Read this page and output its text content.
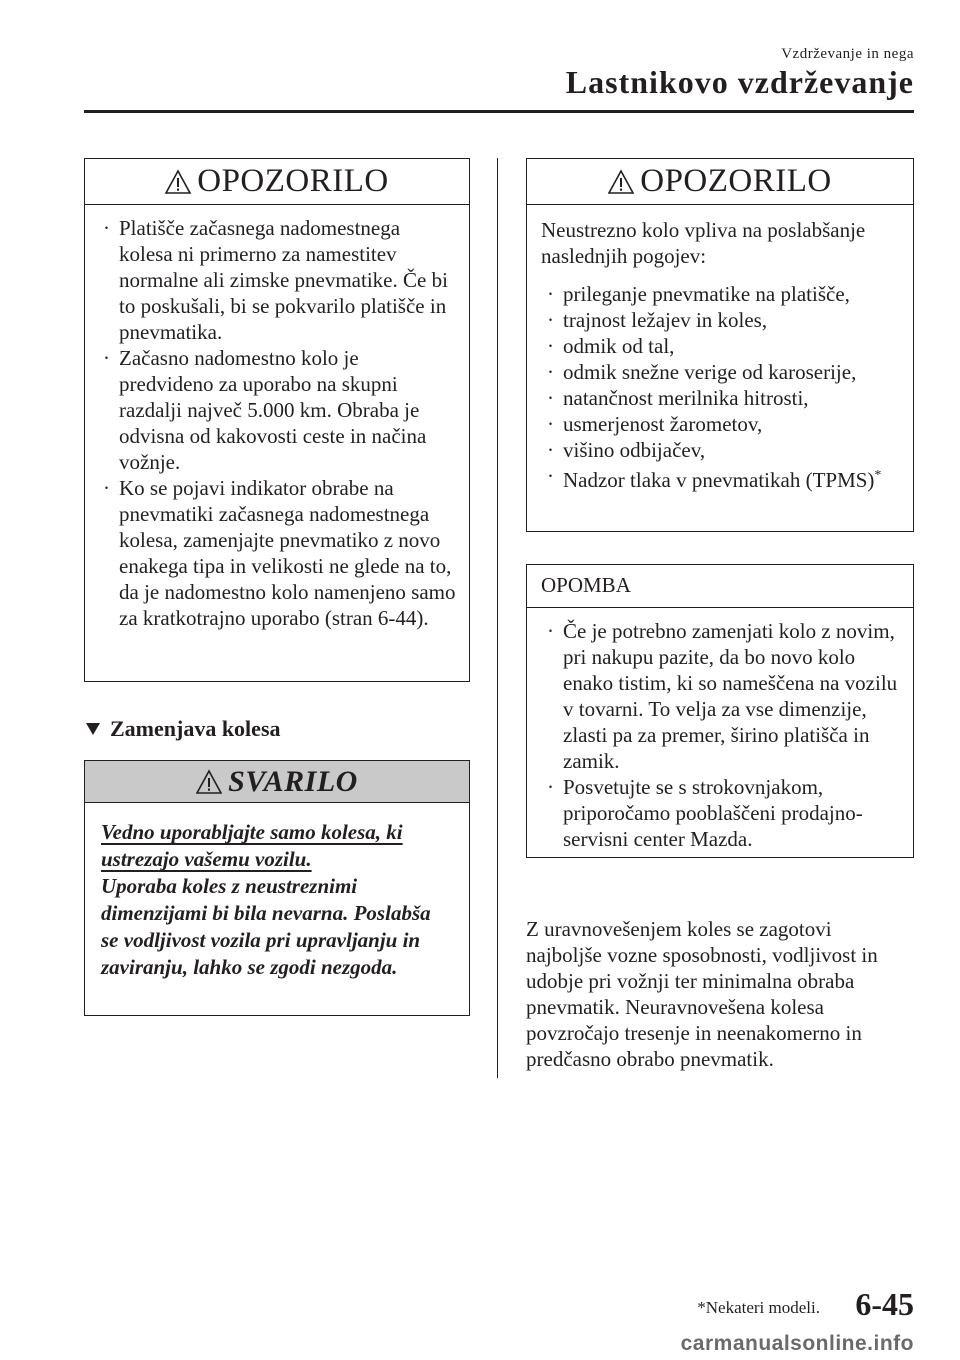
Vzdrževanje in nega
Lastnikovo vzdrževanje
OPOZORILO
· Platišče začasnega nadomestnega kolesa ni primerno za namestitev normalne ali zimske pnevmatike. Če bi to poskušali, bi se pokvarilo platišče in pnevmatika.
· Začasno nadomestno kolo je predvideno za uporabo na skupni razdalji največ 5.000 km. Obraba je odvisna od kakovosti ceste in načina vožnje.
· Ko se pojavi indikator obrabe na pnevmatiki začasnega nadomestnega kolesa, zamenjajte pnevmatiko z novo enakega tipa in velikosti ne glede na to, da je nadomestno kolo namenjeno samo za kratkotrajno uporabo (stran 6-44).
Zamenjava kolesa
SVARILO
Vedno uporabljajte samo kolesa, ki ustrezajo vašemu vozilu.
Uporaba koles z neustreznimi dimenzijami bi bila nevarna. Poslabša se vodljivost vozila pri upravljanju in zaviranju, lahko se zgodi nezgoda.
OPOZORILO
Neustrezno kolo vpliva na poslabšanje naslednjih pogojev:
· prileganje pnevmatike na platišče,
· trajnost ležajev in koles,
· odmik od tal,
· odmik snežne verige od karoserije,
· natančnost merilnika hitrosti,
· usmerjenost žarometov,
· višino odbijačev,
· Nadzor tlaka v pnevmatikah (TPMS)*
OPOMBA
· Če je potrebno zamenjati kolo z novim, pri nakupu pazite, da bo novo kolo enako tistim, ki so nameščena na vozilu v tovarni. To velja za vse dimenzije, zlasti pa za premer, širino platišča in zamik.
· Posvetujte se s strokovnjakom, priporočamo pooblaščeni prodajno-servisni center Mazda.
Z uravnovešenjem koles se zagotovi najboljše vozne sposobnosti, vodljivost in udobje pri vožnji ter minimalna obraba pnevmatik. Neuravnovešena kolesa povzročajo tresenje in neenakomerno in predčasno obrabo pnevmatik.
*Nekateri modeli. 6-45
carmanualsonline.info
